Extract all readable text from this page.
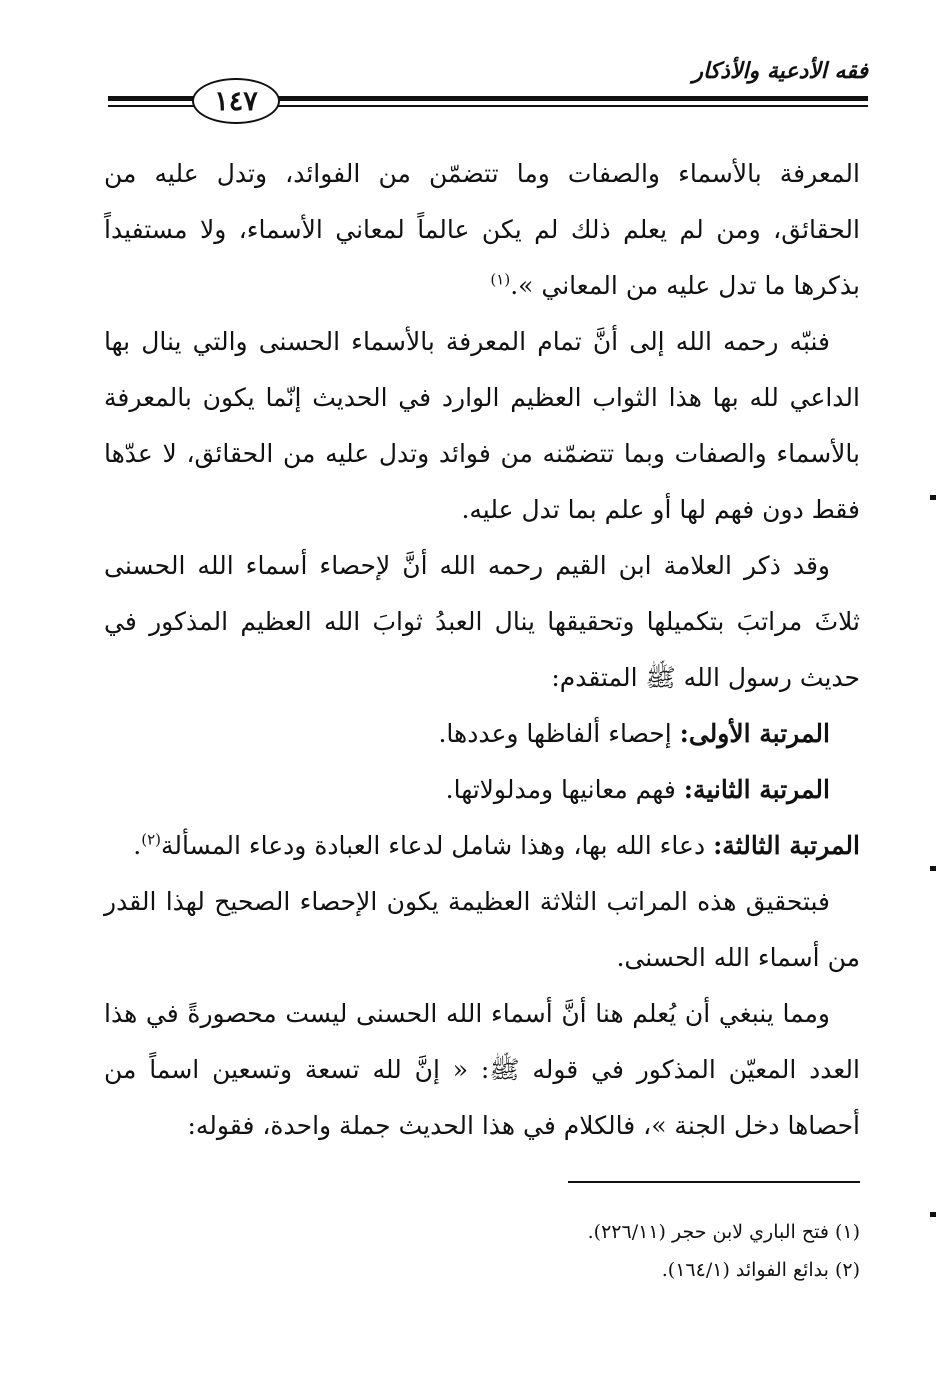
فقه الأدعية والأذكار
١٤٧

المعرفة بالأسماء والصفات وما تتضمّن من الفوائد، وتدل عليه من الحقائق، ومن لم يعلم ذلك لم يكن عالماً لمعاني الأسماء، ولا مستفيداً بذكرها ما تدل عليه من المعاني ».$^{(١)}$

فنبّه رحمه الله إلى أنَّ تمام المعرفة بالأسماء الحسنى والتي ينال بها الداعي لله بها هذا الثواب العظيم الوارد في الحديث إنّما يكون بالمعرفة بالأسماء والصفات وبما تتضمّنه من فوائد وتدل عليه من الحقائق، لا عدّها فقط دون فهم لها أو علم بما تدل عليه.

وقد ذكر العلامة ابن القيم رحمه الله أنَّ لإحصاء أسماء الله الحسنى ثلاثَ مراتبَ بتكميلها وتحقيقها ينال العبدُ ثوابَ الله العظيم المذكور في حديث رسول الله ﷺ المتقدم:

المرتبة الأولى: إحصاء ألفاظها وعددها.

المرتبة الثانية: فهم معانيها ومدلولاتها.

المرتبة الثالثة: دعاء الله بها، وهذا شامل لدعاء العبادة ودعاء المسألة$^{(٢)}$.

فبتحقيق هذه المراتب الثلاثة العظيمة يكون الإحصاء الصحيح لهذا القدر من أسماء الله الحسنى.

ومما ينبغي أن يُعلم هنا أنَّ أسماء الله الحسنى ليست محصورةً في هذا العدد المعيّن المذكور في قوله ﷺ: « إنَّ لله تسعة وتسعين اسماً من أحصاها دخل الجنة »، فالكلام في هذا الحديث جملة واحدة، فقوله:

(١) فتح الباري لابن حجر (٢٢٦/١١).

(٢) بدائع الفوائد (١٦٤/١).
